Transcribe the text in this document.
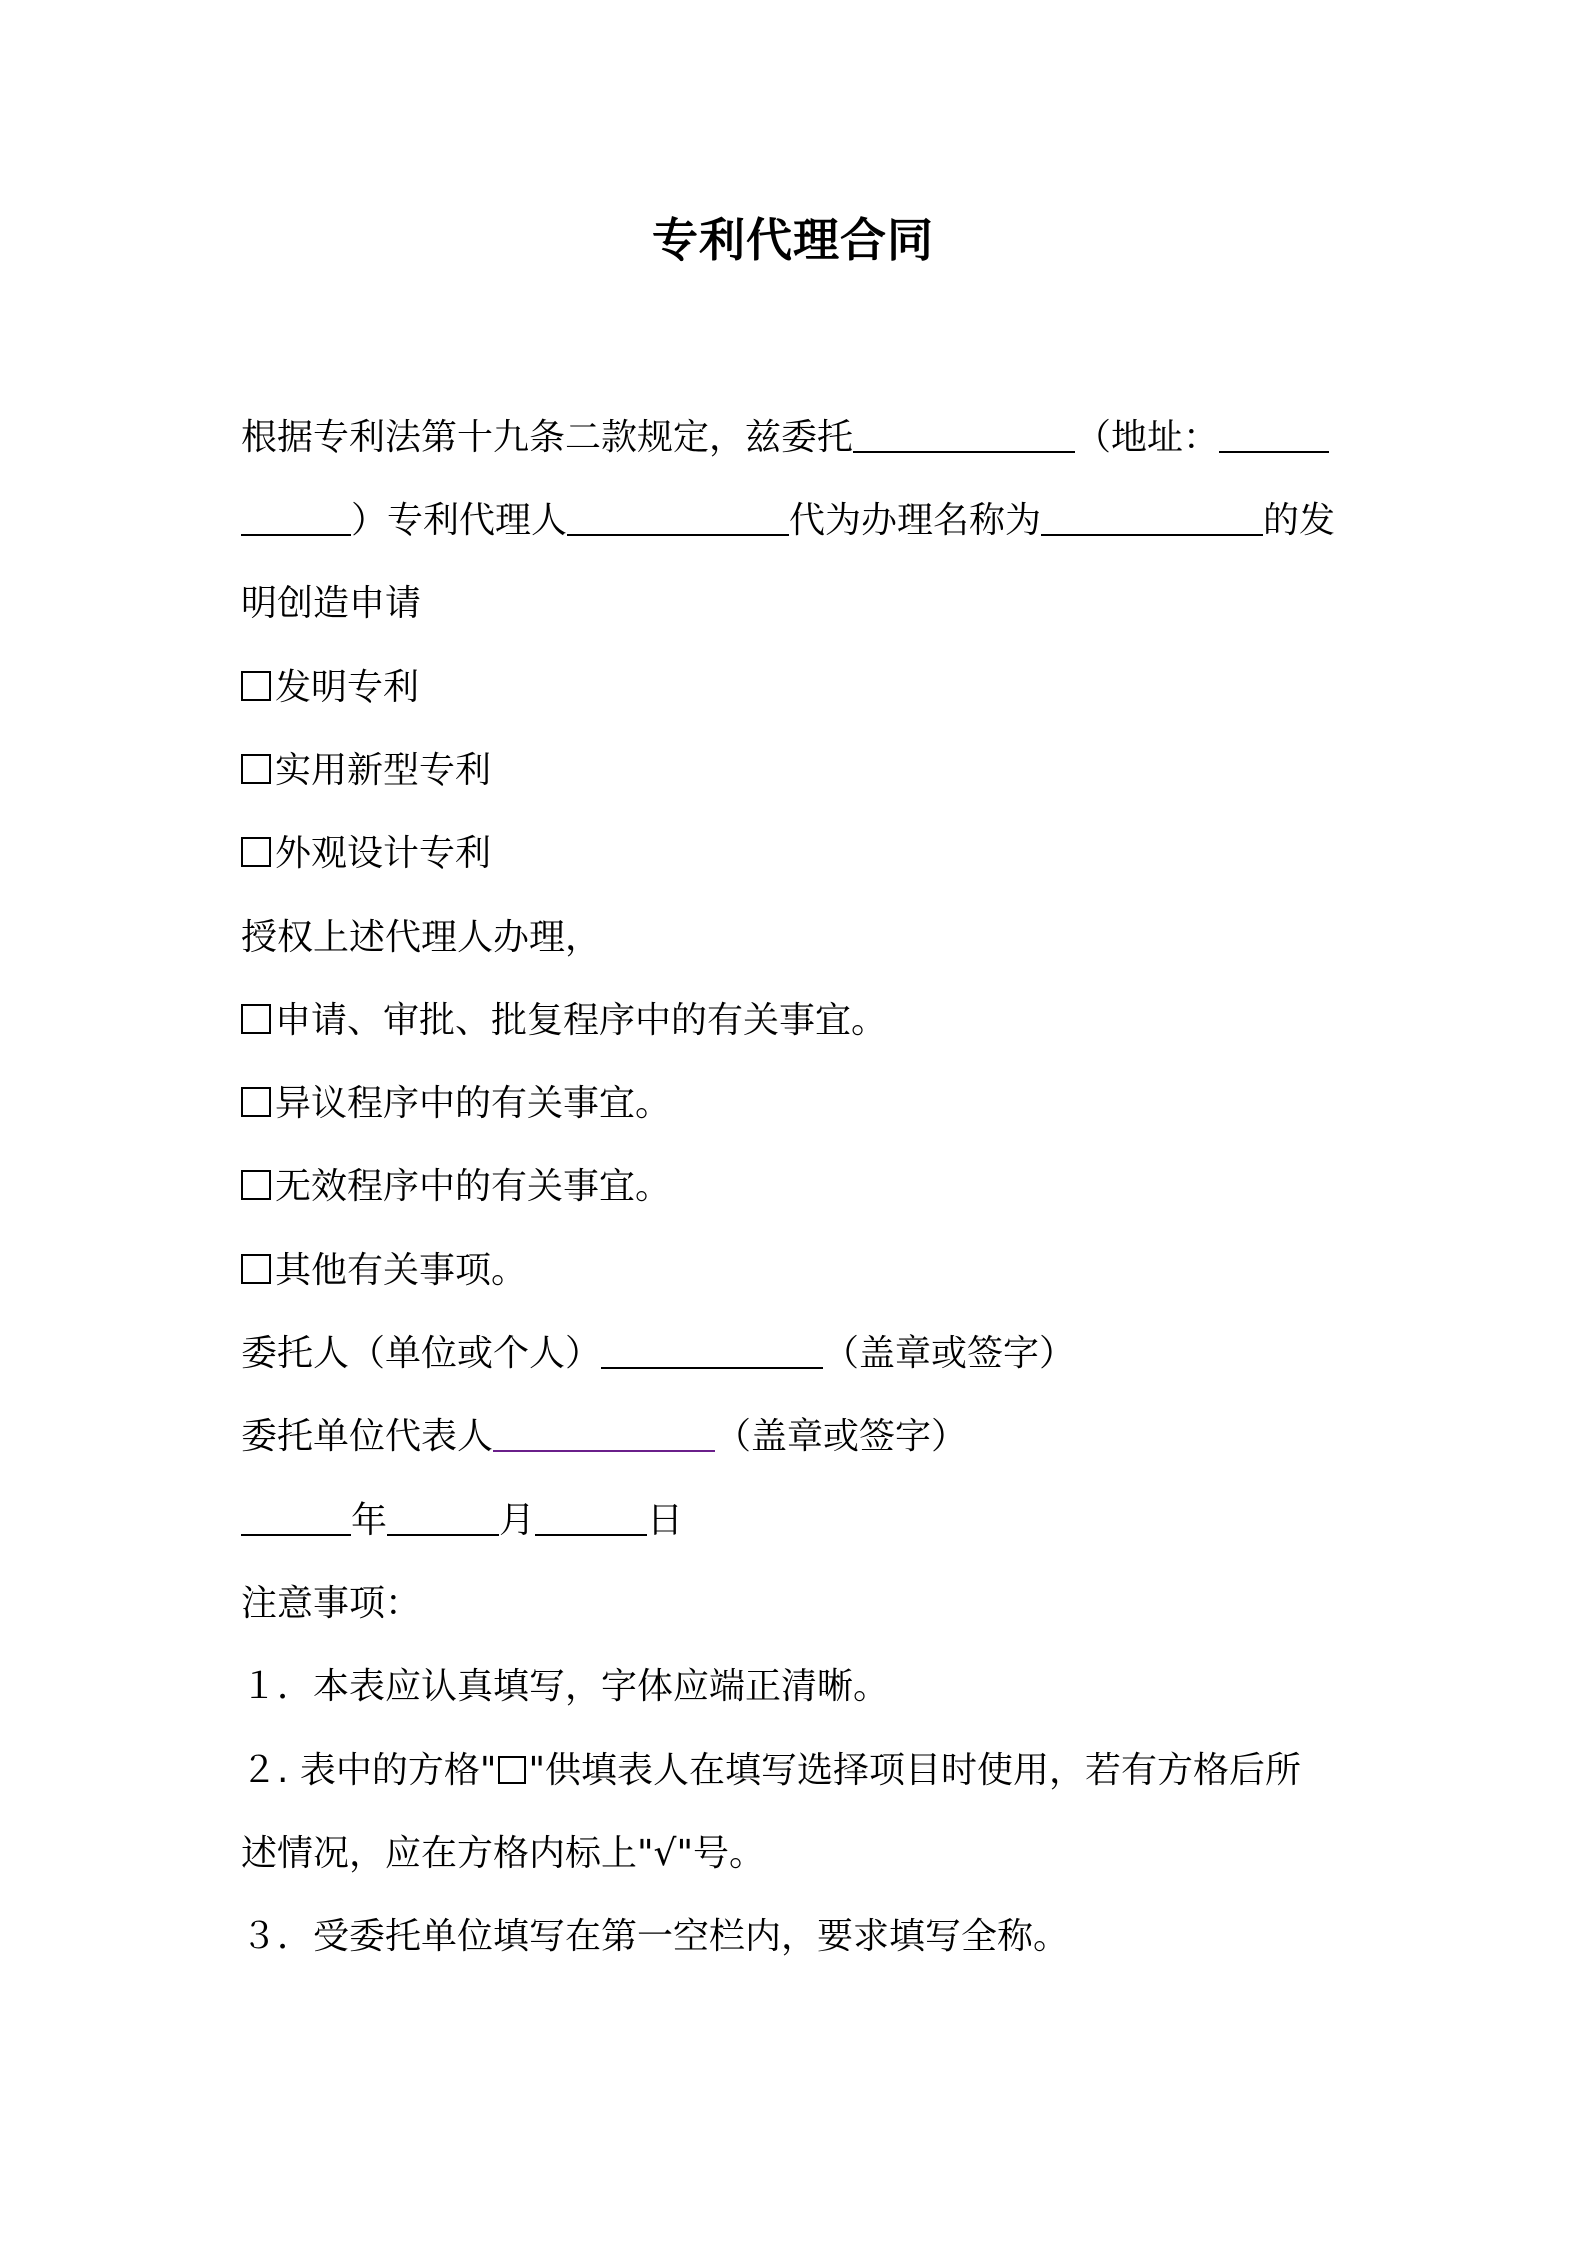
专利代理合同
根据专利法第十九条二款规定，兹委托	（地址：
）专利代理人	代为办理名称为	的发
明创造申请
发明专利
实用新型专利
外观设计专利
授权上述代理人办理，
申请、审批、批复程序中的有关事宜。
异议程序中的有关事宜。
无效程序中的有关事宜。
其他有关事项。
委托人（单位或个人）	（盖章或签字）
委托单位代表人	（盖章或签字）
年	月	日
注意事项：
１．本表应认真填写，字体应端正清晰。
２. 表中的方格" "供填表人在填写选择项目时使用，若有方格后所
述情况，应在方格内标上"√"号。
３．受委托单位填写在第一空栏内，要求填写全称。
